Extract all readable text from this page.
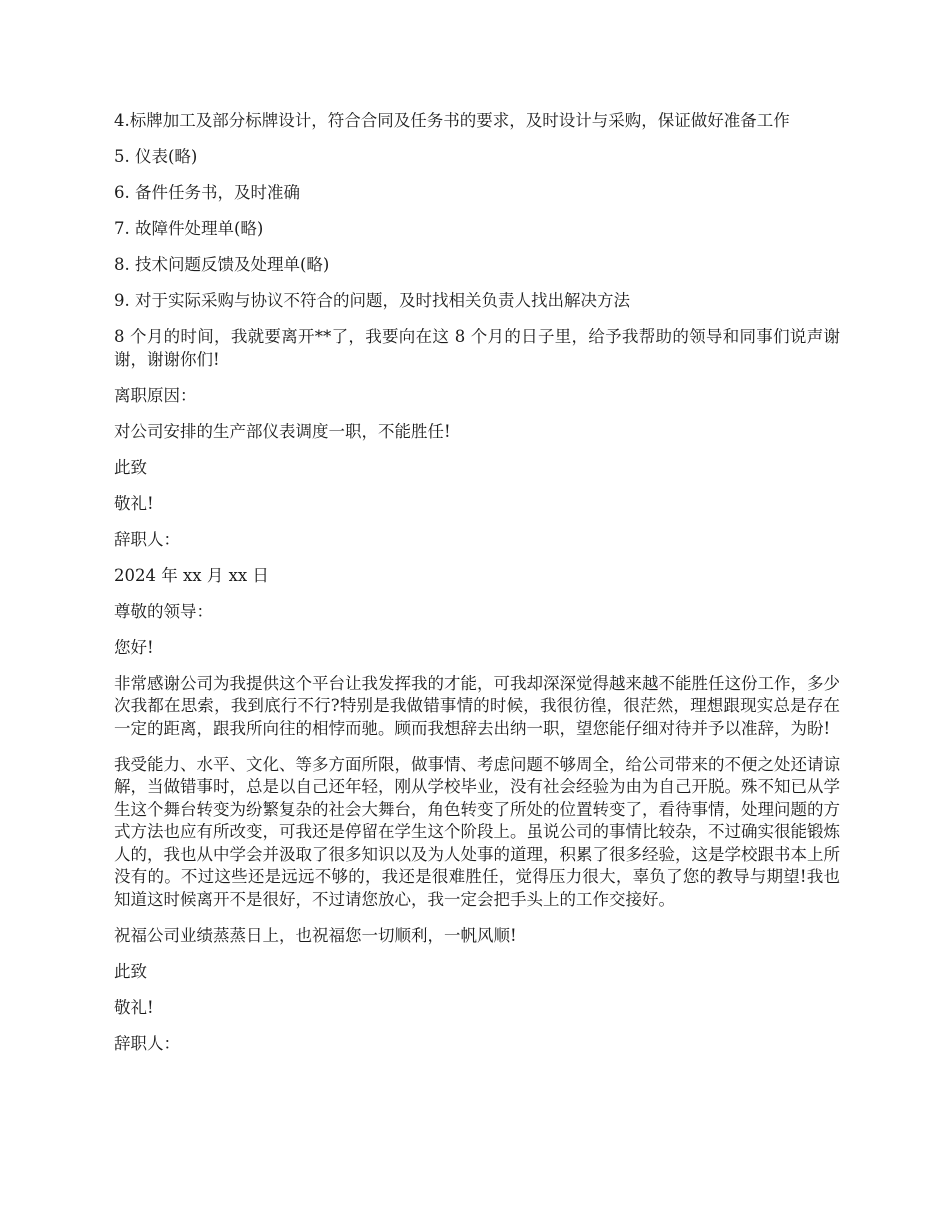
4.标牌加工及部分标牌设计，符合合同及任务书的要求，及时设计与采购，保证做好准备工作

5. 仪表(略)

6. 备件任务书，及时准确

7. 故障件处理单(略)

8. 技术问题反馈及处理单(略)

9. 对于实际采购与协议不符合的问题，及时找相关负责人找出解决方法

8 个月的时间，我就要离开**了，我要向在这 8 个月的日子里，给予我帮助的领导和同事们说声谢谢，谢谢你们!

离职原因：

对公司安排的生产部仪表调度一职，不能胜任!

此致

敬礼!

辞职人：

2024 年 xx 月 xx 日

尊敬的领导：

您好!

非常感谢公司为我提供这个平台让我发挥我的才能，可我却深深觉得越来越不能胜任这份工作，多少次我都在思索，我到底行不行?特别是我做错事情的时候，我很彷徨，很茫然，理想跟现实总是存在一定的距离，跟我所向往的相悖而驰。顾而我想辞去出纳一职，望您能仔细对待并予以准辞，为盼!

我受能力、水平、文化、等多方面所限，做事情、考虑问题不够周全，给公司带来的不便之处还请谅解，当做错事时，总是以自己还年轻，刚从学校毕业，没有社会经验为由为自己开脱。殊不知已从学生这个舞台转变为纷繁复杂的社会大舞台，角色转变了所处的位置转变了，看待事情，处理问题的方式方法也应有所改变，可我还是停留在学生这个阶段上。虽说公司的事情比较杂，不过确实很能锻炼人的，我也从中学会并汲取了很多知识以及为人处事的道理，积累了很多经验，这是学校跟书本上所没有的。不过这些还是远远不够的，我还是很难胜任，觉得压力很大，辜负了您的教导与期望!我也知道这时候离开不是很好，不过请您放心，我一定会把手头上的工作交接好。

祝福公司业绩蒸蒸日上，也祝福您一切顺利，一帆风顺!

此致

敬礼!

辞职人：
